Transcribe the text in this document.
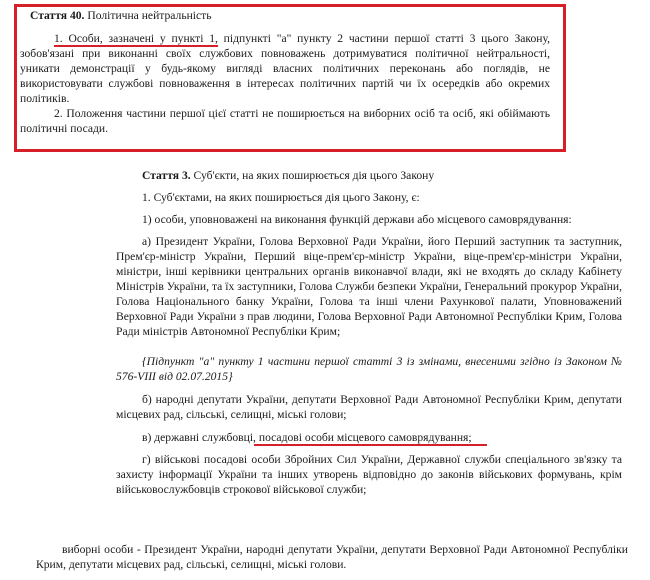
Стаття 40. Політична нейтральність

1. Особи, зазначені у пункті 1, підпункті "а" пункту 2 частини першої статті 3 цього Закону, зобов'язані при виконанні своїх службових повноважень дотримуватися політичної нейтральності, уникати демонстрації у будь-якому вигляді власних політичних переконань або поглядів, не використовувати службові повноваження в інтересах політичних партій чи їх осередків або окремих політиків.

2. Положення частини першої цієї статті не поширюється на виборних осіб та осіб, які обіймають політичні посади.

Стаття 3. Суб'єкти, на яких поширюється дія цього Закону

1. Суб'єктами, на яких поширюється дія цього Закону, є:

1) особи, уповноважені на виконання функцій держави або місцевого самоврядування:

а) Президент України, Голова Верховної Ради України, його Перший заступник та заступник, Прем'єр-міністр України, Перший віце-прем'єр-міністр України, віце-прем'єр-міністри України, міністри, інші керівники центральних органів виконавчої влади, які не входять до складу Кабінету Міністрів України, та їх заступники, Голова Служби безпеки України, Генеральний прокурор України, Голова Національного банку України, Голова та інші члени Рахункової палати, Уповноважений Верховної Ради України з прав людини, Голова Верховної Ради Автономної Республіки Крим, Голова Ради міністрів Автономної Республіки Крим;

{Підпункт "а" пункту 1 частини першої статті 3 із змінами, внесеними згідно із Законом № 576-VIII від 02.07.2015}

б) народні депутати України, депутати Верховної Ради Автономної Республіки Крим, депутати місцевих рад, сільські, селищні, міські голови;

в) державні службовці, посадові особи місцевого самоврядування;

г) військові посадові особи Збройних Сил України, Державної служби спеціального зв'язку та захисту інформації України та інших утворень відповідно до законів військових формувань, крім військовослужбовців строкової військової служби;

виборні особи - Президент України, народні депутати України, депутати Верховної Ради Автономної Республіки Крим, депутати місцевих рад, сільські, селищні, міські голови.
